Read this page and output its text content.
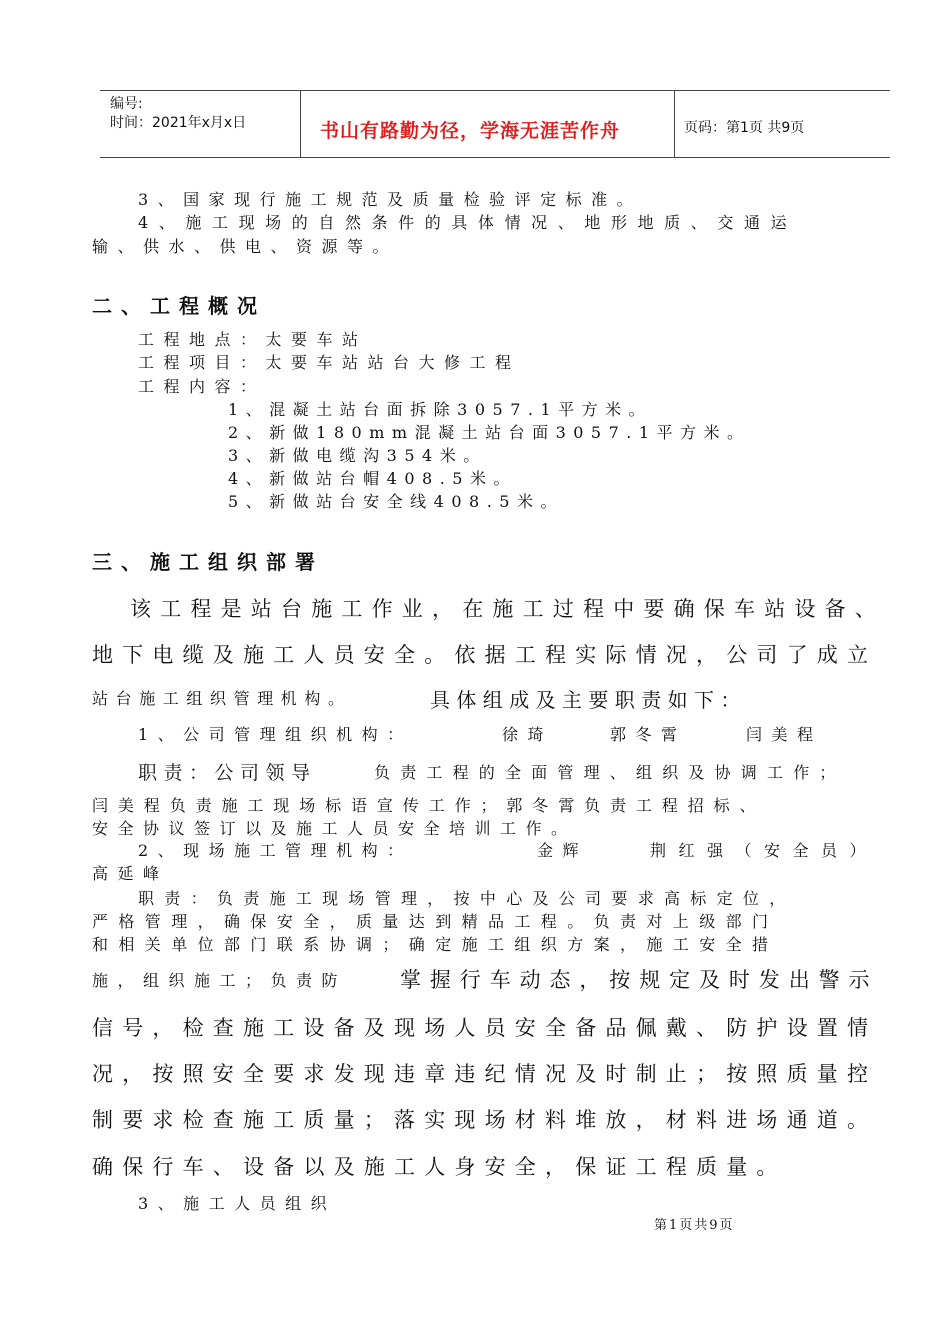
编号:
时间：2021年x月x日	书山有路勤为径，学海无涯苦作舟	页码：第1页 共9页
3、国家现行施工规范及质量检验评定标准。
4、施工现场的自然条件的具体情况、地形地质、交通运
输、供水、供电、资源等。
二、工程概况
工程地点：太要车站
工程项目：太要车站站台大修工程
工程内容：
1、混凝土站台面拆除3057.1平方米。
2、新做180mm混凝土站台面3057.1平方米。
3、新做电缆沟354米。
4、新做站台帽408.5米。
5、新做站台安全线408.5米。
三、施工组织部署
该工程是站台施工作业，在施工过程中要确保车站设备、
地下电缆及施工人员安全。依据工程实际情况，公司了成立
站台施工组织管理机构。	具体组成及主要职责如下：
1、公司管理组织机构：	徐琦	郭冬霄	闫美程
职责：公司领导	负责工程的全面管理、组织及协调工作；
闫美程负责施工现场标语宣传工作；郭冬霄负责工程招标、
安全协议签订以及施工人员安全培训工作。
2、现场施工管理机构：	金辉	荆红强（安全员）
高延峰
职责：负责施工现场管理，按中心及公司要求高标定位，
严格管理，确保安全，质量达到精品工程。负责对上级部门
和相关单位部门联系协调；确定施工组织方案，施工安全措
施，组织施工；负责防	掌握行车动态，按规定及时发出警示
信号，检查施工设备及现场人员安全备品佩戴、防护设置情
况，按照安全要求发现违章违纪情况及时制止；按照质量控
制要求检查施工质量；落实现场材料堆放，材料进场通道。
确保行车、设备以及施工人身安全，保证工程质量。
3、施工人员组织
第1页共9页
